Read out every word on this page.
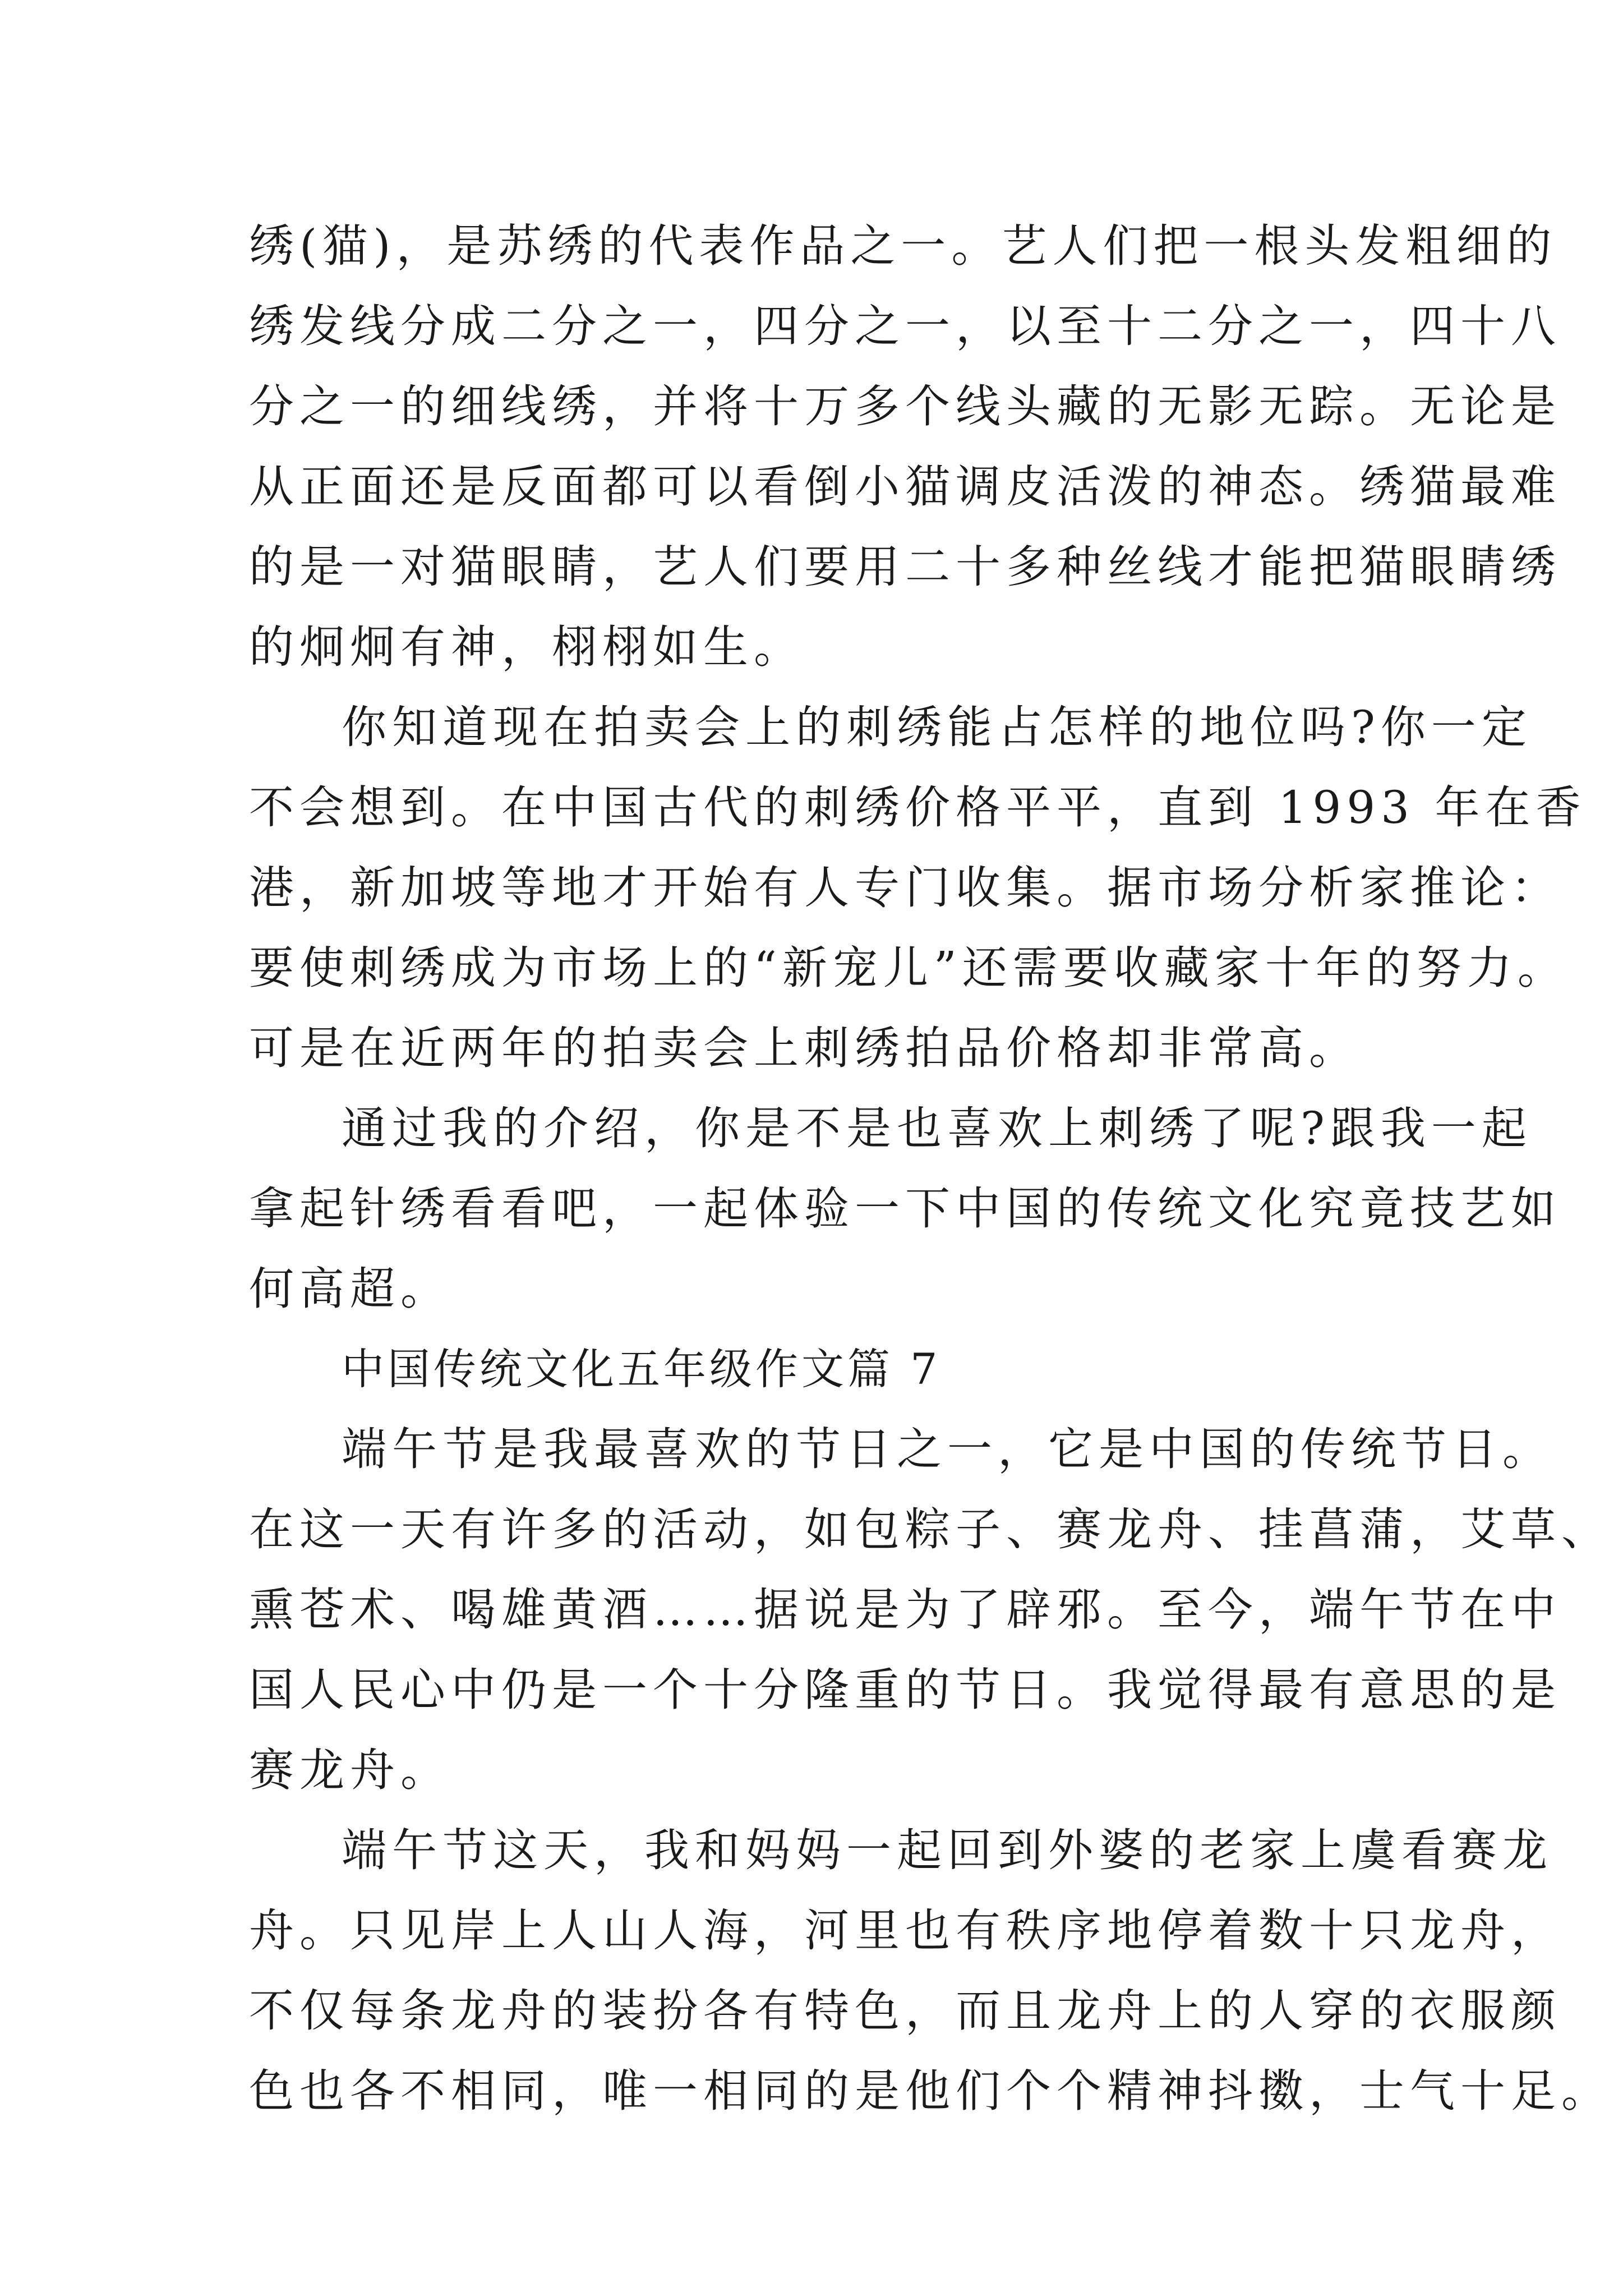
绣(猫)，是苏绣的代表作品之一。艺人们把一根头发粗细的
绣发线分成二分之一，四分之一，以至十二分之一，四十八
分之一的细线绣，并将十万多个线头藏的无影无踪。无论是
从正面还是反面都可以看倒小猫调皮活泼的神态。绣猫最难
的是一对猫眼睛，艺人们要用二十多种丝线才能把猫眼睛绣
的炯炯有神，栩栩如生。
你知道现在拍卖会上的刺绣能占怎样的地位吗?你一定
不会想到。在中国古代的刺绣价格平平，直到 1993 年在香
港，新加坡等地才开始有人专门收集。据市场分析家推论：
要使刺绣成为市场上的“新宠儿”还需要收藏家十年的努力。
可是在近两年的拍卖会上刺绣拍品价格却非常高。
通过我的介绍，你是不是也喜欢上刺绣了呢?跟我一起
拿起针绣看看吧，一起体验一下中国的传统文化究竟技艺如
何高超。
中国传统文化五年级作文篇 7
端午节是我最喜欢的节日之一，它是中国的传统节日。
在这一天有许多的活动，如包粽子、赛龙舟、挂菖蒲，艾草、
熏苍术、喝雄黄酒……据说是为了辟邪。至今，端午节在中
国人民心中仍是一个十分隆重的节日。我觉得最有意思的是
赛龙舟。
端午节这天，我和妈妈一起回到外婆的老家上虞看赛龙
舟。只见岸上人山人海，河里也有秩序地停着数十只龙舟，
不仅每条龙舟的装扮各有特色，而且龙舟上的人穿的衣服颜
色也各不相同，唯一相同的是他们个个精神抖擞，士气十足。
